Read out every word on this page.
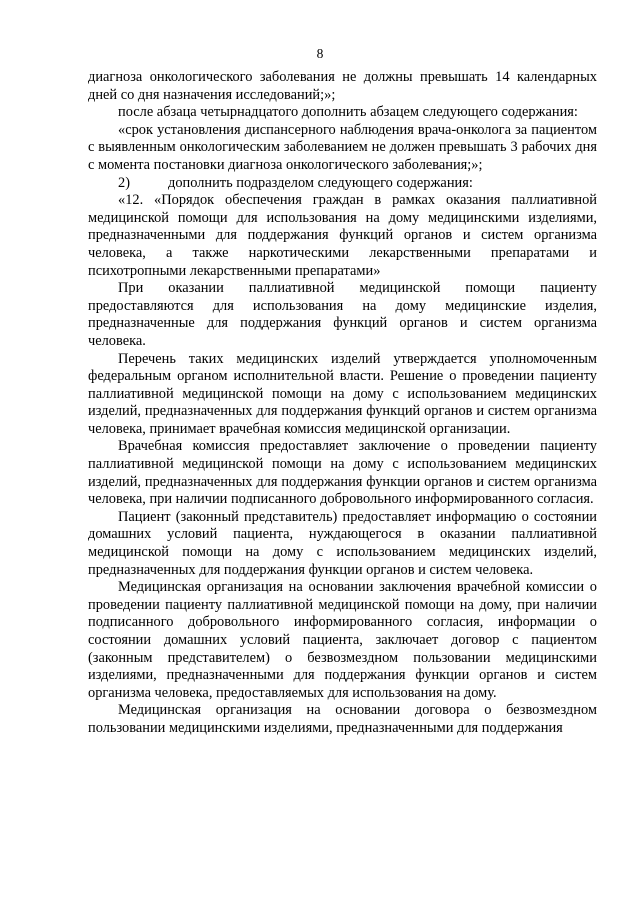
8

диагноза онкологического заболевания не должны превышать 14 календарных дней со дня назначения исследований;»;

после абзаца четырнадцатого дополнить абзацем следующего содержания:

«срок установления диспансерного наблюдения врача-онколога за пациентом с выявленным онкологическим заболеванием не должен превышать 3 рабочих дня с момента постановки диагноза онкологического заболевания;»;

2)	дополнить подразделом следующего содержания:

«12. «Порядок обеспечения граждан в рамках оказания паллиативной медицинской помощи для использования на дому медицинскими изделиями, предназначенными для поддержания функций органов и систем организма человека, а также наркотическими лекарственными препаратами и психотропными лекарственными препаратами»

При оказании паллиативной медицинской помощи пациенту предоставляются для использования на дому медицинские изделия, предназначенные для поддержания функций органов и систем организма человека.

Перечень таких медицинских изделий утверждается уполномоченным федеральным органом исполнительной власти. Решение о проведении пациенту паллиативной медицинской помощи на дому с использованием медицинских изделий, предназначенных для поддержания функций органов и систем организма человека, принимает врачебная комиссия медицинской организации.

Врачебная комиссия предоставляет заключение о проведении пациенту паллиативной медицинской помощи на дому с использованием медицинских изделий, предназначенных для поддержания функции органов и систем организма человека, при наличии подписанного добровольного информированного согласия.

Пациент (законный представитель) предоставляет информацию о состоянии домашних условий пациента, нуждающегося в оказании паллиативной медицинской помощи на дому с использованием медицинских изделий, предназначенных для поддержания функции органов и систем человека.

Медицинская организация на основании заключения врачебной комиссии о проведении пациенту паллиативной медицинской помощи на дому, при наличии подписанного добровольного информированного согласия, информации о состоянии домашних условий пациента, заключает договор с пациентом (законным представителем) о безвозмездном пользовании медицинскими изделиями, предназначенными для поддержания функции органов и систем организма человека, предоставляемых для использования на дому.

Медицинская организация на основании договора о безвозмездном пользовании медицинскими изделиями, предназначенными для поддержания
